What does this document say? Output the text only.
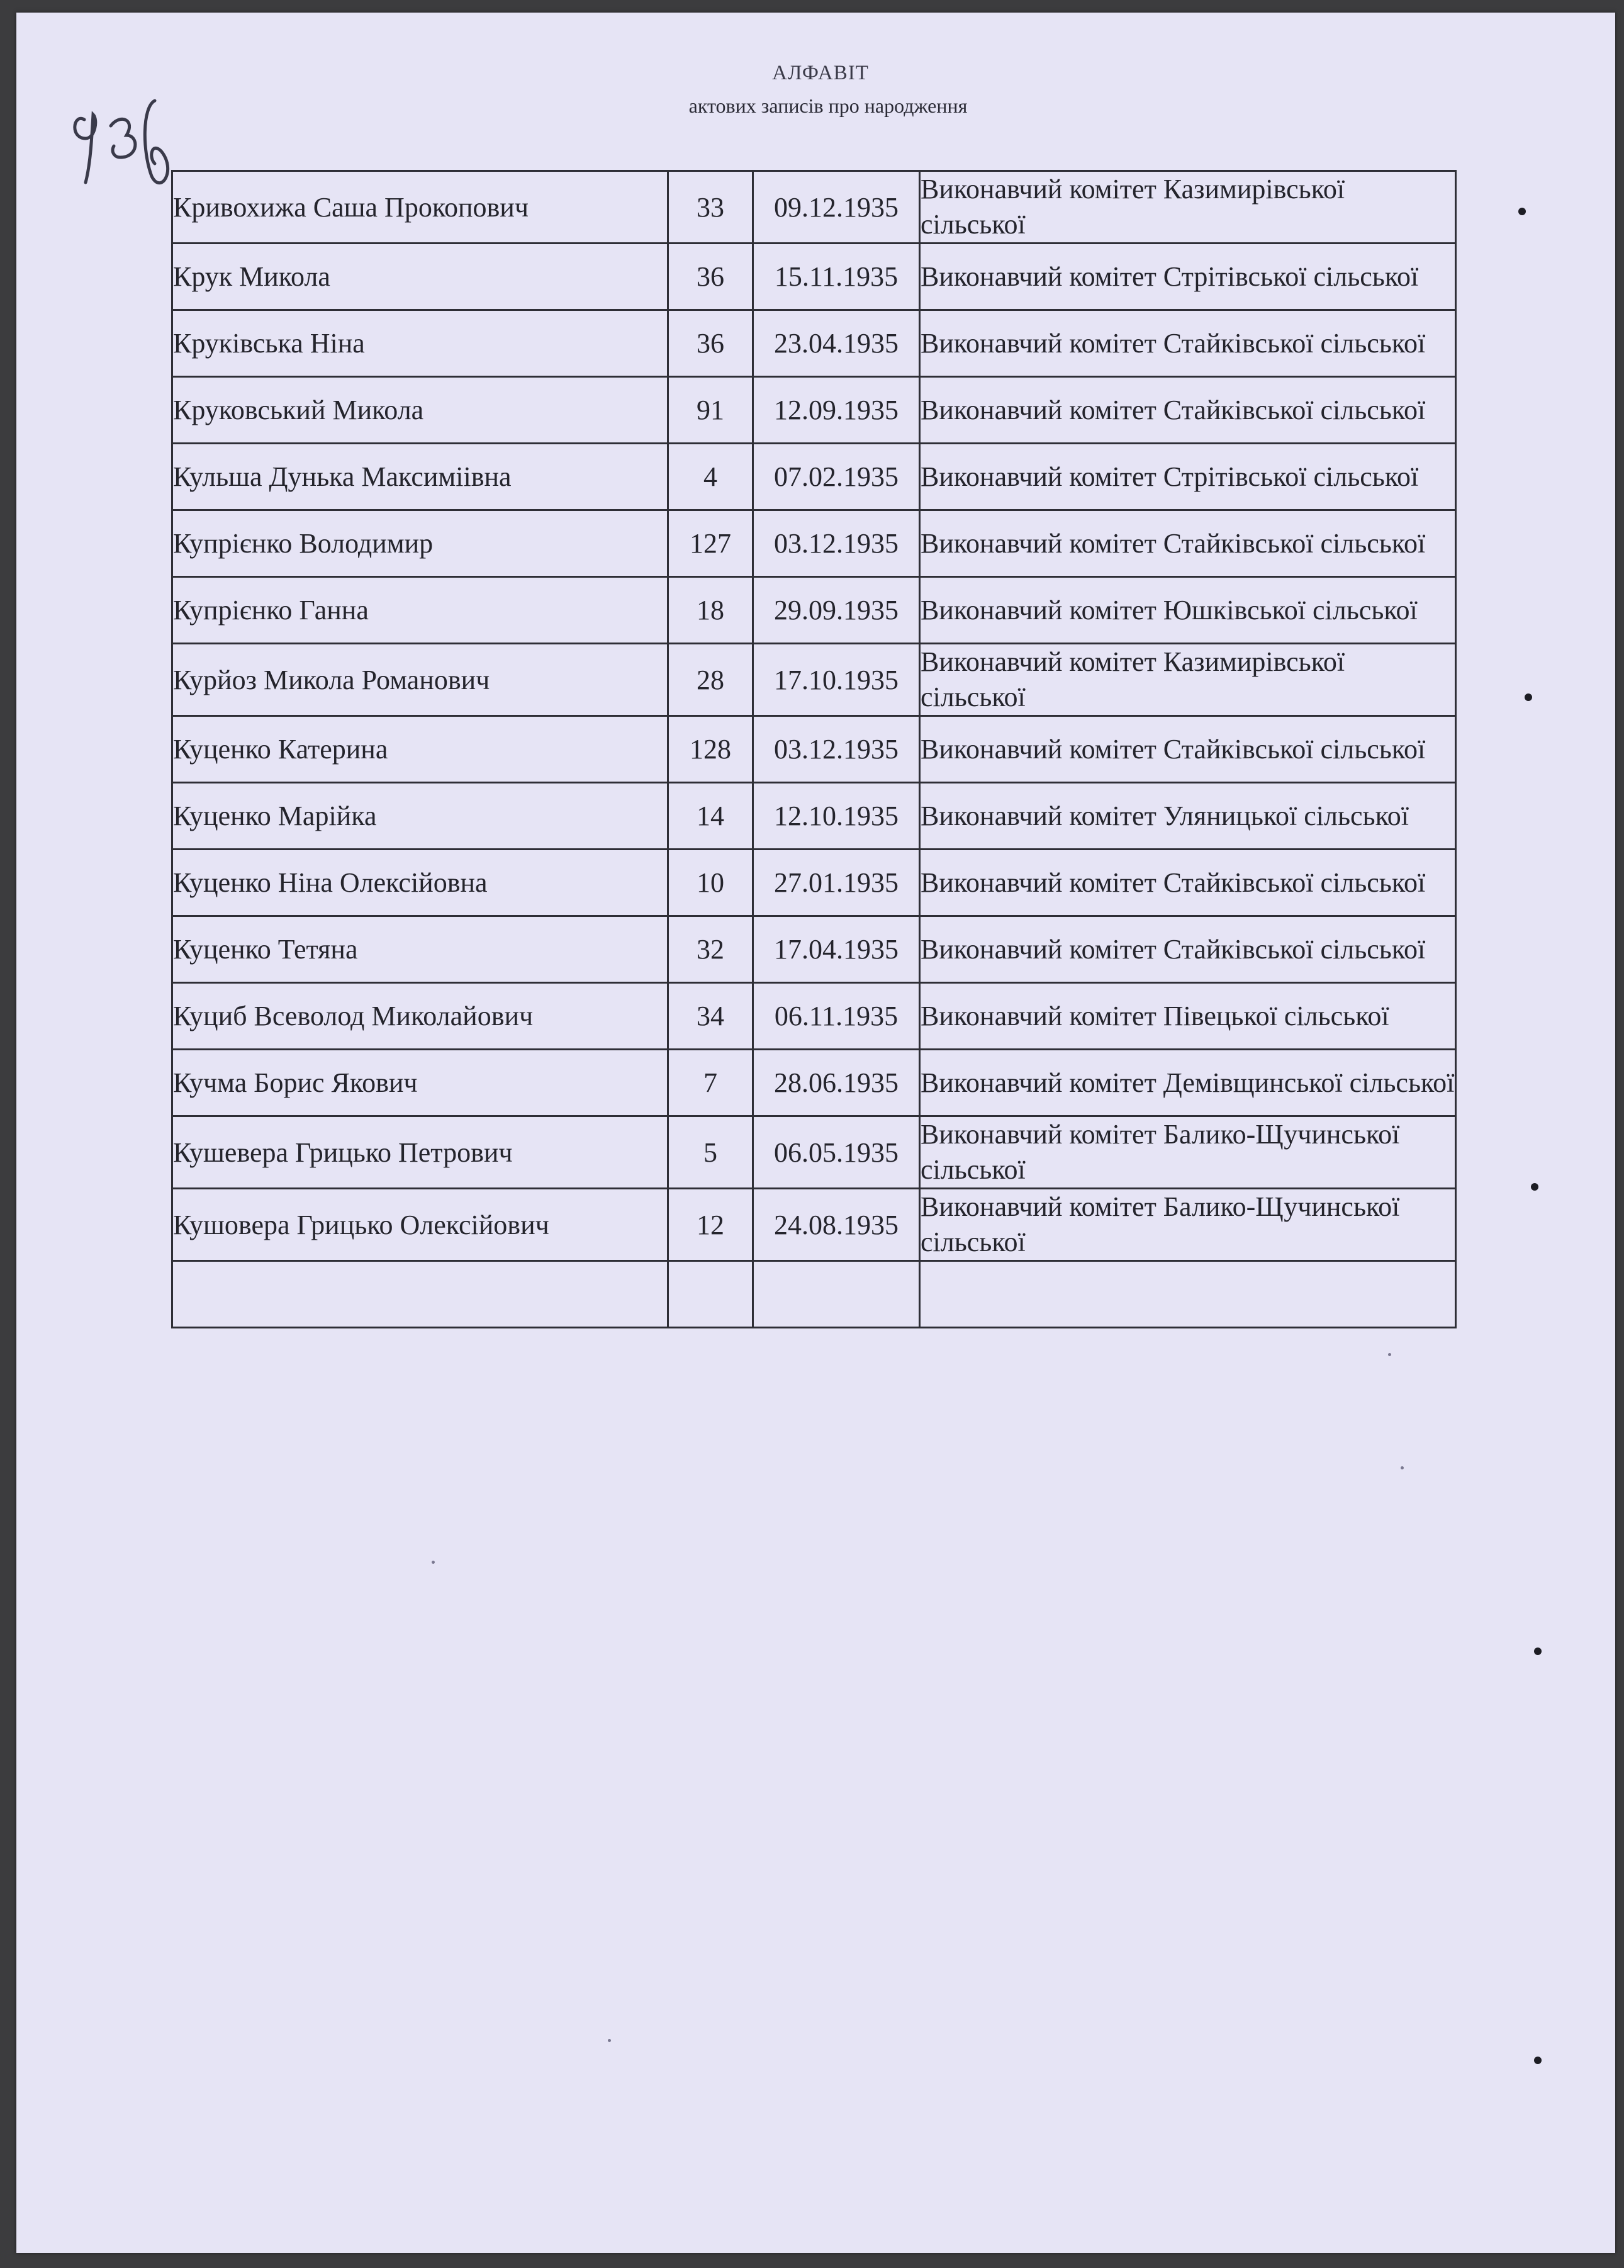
АЛФАВІТ
актових записів про народження
Кривохижа Саша Прокопович	33	09.12.1935	Виконавчий комітет Казимирівської сільської

Крук Микола	36	15.11.1935	Виконавчий комітет Стрітівської сільської

Круківська Ніна	36	23.04.1935	Виконавчий комітет Стайківської сільської

Круковський Микола	91	12.09.1935	Виконавчий комітет Стайківської сільської

Кульша Дунька Максиміівна	4	07.02.1935	Виконавчий комітет Стрітівської сільської

Купрієнко Володимир	127	03.12.1935	Виконавчий комітет Стайківської сільської

Купрієнко Ганна	18	29.09.1935	Виконавчий комітет Юшківської сільської

Курйоз Микола Романович	28	17.10.1935	Виконавчий комітет Казимирівської сільської

Куценко Катерина	128	03.12.1935	Виконавчий комітет Стайківської сільської

Куценко Марійка	14	12.10.1935	Виконавчий комітет Уляницької сільської

Куценко Ніна Олексійовна	10	27.01.1935	Виконавчий комітет Стайківської сільської

Куценко Тетяна	32	17.04.1935	Виконавчий комітет Стайківської сільської

Куциб Всеволод Миколайович	34	06.11.1935	Виконавчий комітет Півецької сільської

Кучма Борис Якович	7	28.06.1935	Виконавчий комітет Демівщинської сільської

Кушевера Грицько Петрович	5	06.05.1935	Виконавчий комітет Балико-Щучинської сільської

Кушовера Грицько Олексійович	12	24.08.1935	Виконавчий комітет Балико-Щучинської сільської
